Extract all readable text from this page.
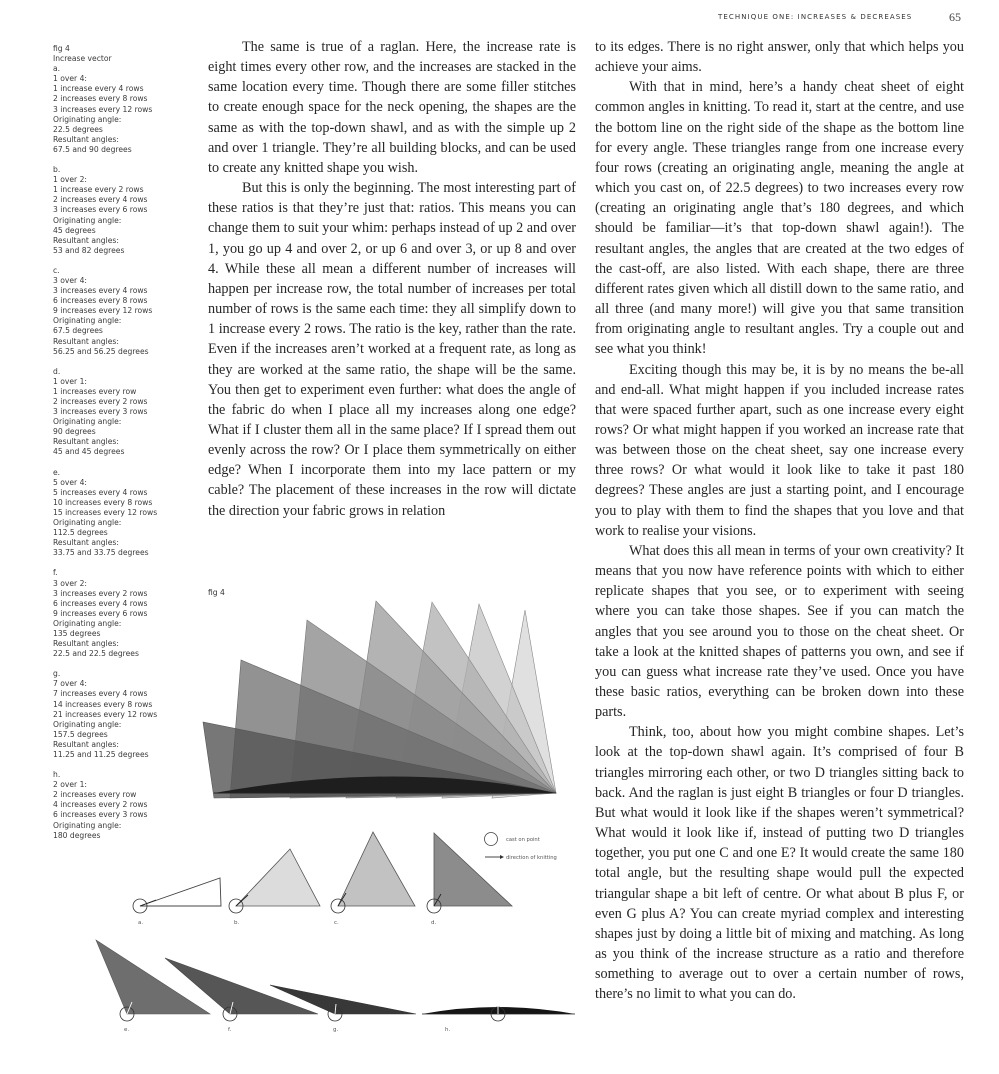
TECHNIQUE ONE: INCREASES & DECREASES	65
fig 4
Increase vector
a.
1 over 4:
1 increase every 4 rows
2 increases every 8 rows
3 increases every 12 rows
Originating angle:
22.5 degrees
Resultant angles:
67.5 and 90 degrees
b.
1 over 2:
1 increase every 2 rows
2 increases every 4 rows
3 increases every 6 rows
Originating angle:
45 degrees
Resultant angles:
53 and 82 degrees
c.
3 over 4:
3 increases every 4 rows
6 increases every 8 rows
9 increases every 12 rows
Originating angle:
67.5 degrees
Resultant angles:
56.25 and 56.25 degrees
d.
1 over 1:
1 increases every row
2 increases every 2 rows
3 increases every 3 rows
Originating angle:
90 degrees
Resultant angles:
45 and 45 degrees
e.
5 over 4:
5 increases every 4 rows
10 increases every 8 rows
15 increases every 12 rows
Originating angle:
112.5 degrees
Resultant angles:
33.75 and 33.75 degrees
f.
3 over 2:
3 increases every 2 rows
6 increases every 4 rows
9 increases every 6 rows
Originating angle:
135 degrees
Resultant angles:
22.5 and 22.5 degrees
g.
7 over 4:
7 increases every 4 rows
14 increases every 8 rows
21 increases every 12 rows
Originating angle:
157.5 degrees
Resultant angles:
11.25 and 11.25 degrees
h.
2 over 1:
2 increases every row
4 increases every 2 rows
6 increases every 3 rows
Originating angle:
180 degrees

The same is true of a raglan. Here, the increase rate is eight times every other row, and the increases are stacked in the same location every time. Though there are some filler stitches to create enough space for the neck opening, the shapes are the same as with the top-down shawl, and as with the simple up 2 and over 1 triangle. They’re all building blocks, and can be used to create any knitted shape you wish.

But this is only the beginning. The most interesting part of these ratios is that they’re just that: ratios. This means you can change them to suit your whim: perhaps instead of up 2 and over 1, you go up 4 and over 2, or up 6 and over 3, or up 8 and over 4. While these all mean a different number of increases will happen per increase row, the total number of increases per total number of rows is the same each time: they all simplify down to 1 increase every 2 rows. The ratio is the key, rather than the rate. Even if the increases aren’t worked at a frequent rate, as long as they are worked at the same ratio, the shape will be the same. You then get to experiment even further: what does the angle of the fabric do when I place all my increases along one edge? What if I cluster them all in the same place? If I spread them out evenly across the row? Or I place them symmetrically on either edge? When I incorporate them into my lace pattern or my cable? The placement of these increases in the row will dictate the direction your fabric grows in relation

to its edges. There is no right answer, only that which helps you achieve your aims.

With that in mind, here’s a handy cheat sheet of eight common angles in knitting. To read it, start at the centre, and use the bottom line on the right side of the shape as the bottom line for every angle. These triangles range from one increase every four rows (creating an originating angle, meaning the angle at which you cast on, of 22.5 degrees) to two increases every row (creating an originating angle that’s 180 degrees, and which should be familiar—it’s that top-down shawl again!). The resultant angles, the angles that are created at the two edges of the cast-off, are also listed. With each shape, there are three different rates given which all distill down to the same ratio, and all three (and many more!) will give you that same transition from originating angle to resultant angles. Try a couple out and see what you think!

Exciting though this may be, it is by no means the be-all and end-all. What might happen if you included increase rates that were spaced further apart, such as one increase every eight rows? Or what might happen if you worked an increase rate that was between those on the cheat sheet, say one increase every three rows? Or what would it look like to take it past 180 degrees? These angles are just a starting point, and I encourage you to play with them to find the shapes that you love and that work to realise your visions.

What does this all mean in terms of your own creativity? It means that you now have reference points with which to either replicate shapes that you see, or to experiment with seeing where you can take those shapes. See if you can match the angles that you see around you to those on the cheat sheet. Or take a look at the knitted shapes of patterns you own, and see if you can guess what increase rate they’ve used. Once you have these basic ratios, everything can be broken down into these parts.

Think, too, about how you might combine shapes. Let’s look at the top-down shawl again. It’s comprised of four B triangles mirroring each other, or two D triangles sitting back to back. And the raglan is just eight B triangles or four D triangles. But what would it look like if the shapes weren’t symmetrical? What would it look like if, instead of putting two D triangles together, you put one C and one E? It would create the same 180 total angle, but the resulting shape would pull the expected triangular shape a bit left of centre. Or what about B plus F, or even G plus A? You can create myriad complex and interesting shapes just by doing a little bit of mixing and matching. As long as you think of the increase structure as a ratio and therefore something to average out to over a certain number of rows, there’s no limit to what you can do.

fig 4
cast on point
direction of knitting
a.	b.	c.	d.
e.	f.	g.	h.
